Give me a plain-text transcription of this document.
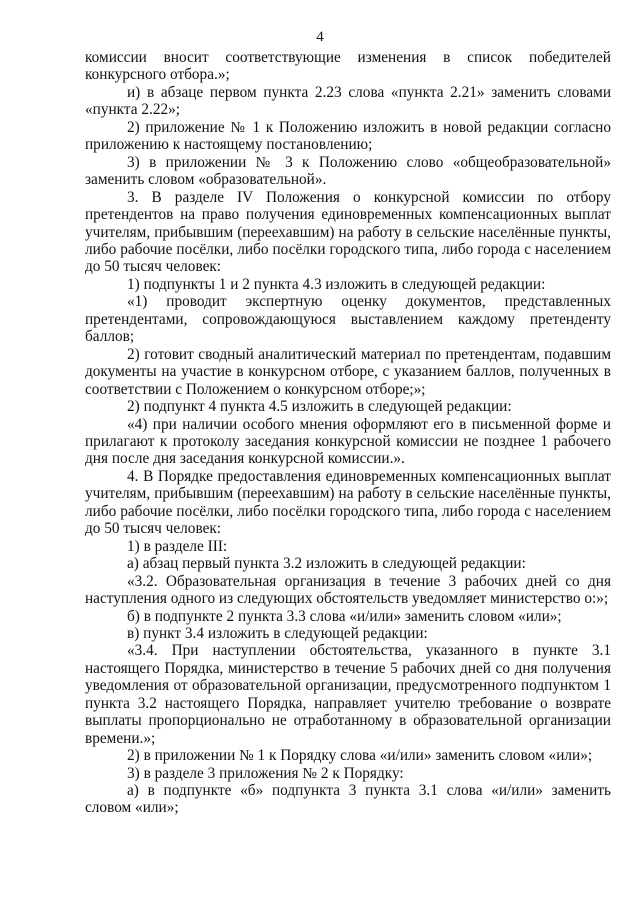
4

комиссии вносит соответствующие изменения в список победителей конкурсного отбора.»;

и) в абзаце первом пункта 2.23 слова «пункта 2.21» заменить словами «пункта 2.22»;

2) приложение № 1 к Положению изложить в новой редакции согласно приложению к настоящему постановлению;

3) в приложении № 3 к Положению слово «общеобразовательной» заменить словом «образовательной».

3. В разделе IV Положения о конкурсной комиссии по отбору претендентов на право получения единовременных компенсационных выплат учителям, прибывшим (переехавшим) на работу в сельские населённые пункты, либо рабочие посёлки, либо посёлки городского типа, либо города с населением до 50 тысяч человек:

1) подпункты 1 и 2 пункта 4.3 изложить в следующей редакции:

«1) проводит экспертную оценку документов, представленных претендентами, сопровождающуюся выставлением каждому претенденту баллов;

2) готовит сводный аналитический материал по претендентам, подавшим документы на участие в конкурсном отборе, с указанием баллов, полученных в соответствии с Положением о конкурсном отборе;»;

2) подпункт 4 пункта 4.5 изложить в следующей редакции:

«4) при наличии особого мнения оформляют его в письменной форме и прилагают к протоколу заседания конкурсной комиссии не позднее 1 рабочего дня после дня заседания конкурсной комиссии.».

4. В Порядке предоставления единовременных компенсационных выплат учителям, прибывшим (переехавшим) на работу в сельские населённые пункты, либо рабочие посёлки, либо посёлки городского типа, либо города с населением до 50 тысяч человек:

1) в разделе III:

а) абзац первый пункта 3.2 изложить в следующей редакции:

«3.2. Образовательная организация в течение 3 рабочих дней со дня наступления одного из следующих обстоятельств уведомляет министерство о:»;

б) в подпункте 2 пункта 3.3 слова «и/или» заменить словом «или»;

в) пункт 3.4 изложить в следующей редакции:

«3.4. При наступлении обстоятельства, указанного в пункте 3.1 настоящего Порядка, министерство в течение 5 рабочих дней со дня получения уведомления от образовательной организации, предусмотренного подпунктом 1 пункта 3.2 настоящего Порядка, направляет учителю требование о возврате выплаты пропорционально не отработанному в образовательной организации времени.»;

2) в приложении № 1 к Порядку слова «и/или» заменить словом «или»;

3) в разделе 3 приложения № 2 к Порядку:

а) в подпункте «б» подпункта 3 пункта 3.1 слова «и/или» заменить словом «или»;
